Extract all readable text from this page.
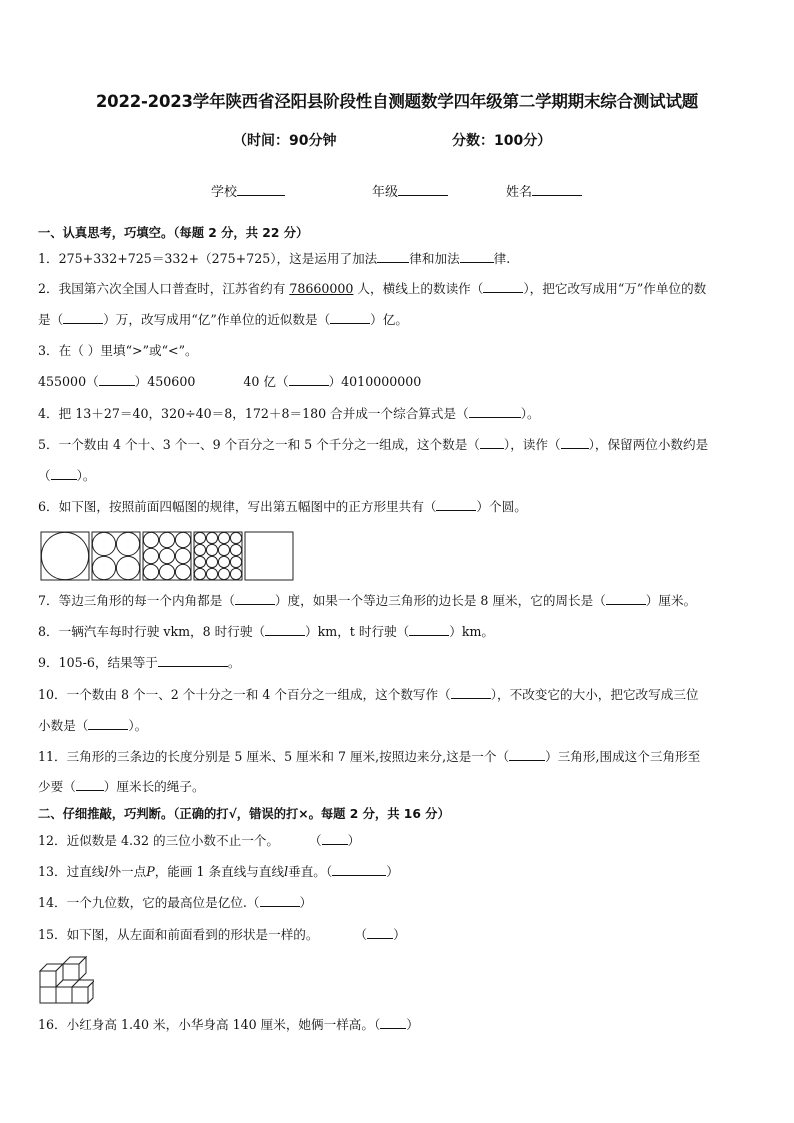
2022-2023学年陕西省泾阳县阶段性自测题数学四年级第二学期期末综合测试试题
（时间：90分钟	分数：100分）
学校	年级	姓名
一、认真思考，巧填空。（每题 2 分，共 22 分）
1．275+332+725＝332+（275+725），这是运用了加法	律和加法	律.
2．我国第六次全国人口普查时，江苏省约有 78660000 人，横线上的数读作（	），把它改写成用“万”作单位的数
是（	）万，改写成用“亿”作单位的近似数是（	）亿。
3．在（ ）里填“>”或“<”。
455000（	）450600	40 亿（	）4010000000
4．把 13＋27＝40，320÷40＝8，172＋8＝180 合并成一个综合算式是（	）。
5．一个数由 4 个十、3 个一、9 个百分之一和 5 个千分之一组成，这个数是（ ），读作（ ），保留两位小数约是
（ ）。
6．如下图，按照前面四幅图的规律，写出第五幅图中的正方形里共有（	）个圆。
7．等边三角形的每一个内角都是（	）度，如果一个等边三角形的边长是 8 厘米，它的周长是（	）厘米。
8．一辆汽车每时行驶 vkm，8 时行驶（	）km，t 时行驶（	）km。
9．105-6，结果等于	。
10．一个数由 8 个一、2 个十分之一和 4 个百分之一组成，这个数写作（	），不改变它的大小，把它改写成三位
小数是（	）。
11．三角形的三条边的长度分别是 5 厘米、5 厘米和 7 厘米,按照边来分,这是一个（	）三角形,围成这个三角形至
少要（ ）厘米长的绳子。
二、仔细推敲，巧判断。（正确的打√，错误的打×。每题 2 分，共 16 分）
12．近似数是 4.32 的三位小数不止一个。 （ ）
13．过直线l外一点P，能画 1 条直线与直线l垂直。（	）
14．一个九位数，它的最高位是亿位.（	）
15．如下图，从左面和前面看到的形状是一样的。	（ ）
16．小红身高 1.40 米，小华身高 140 厘米，她俩一样高。（ ）
